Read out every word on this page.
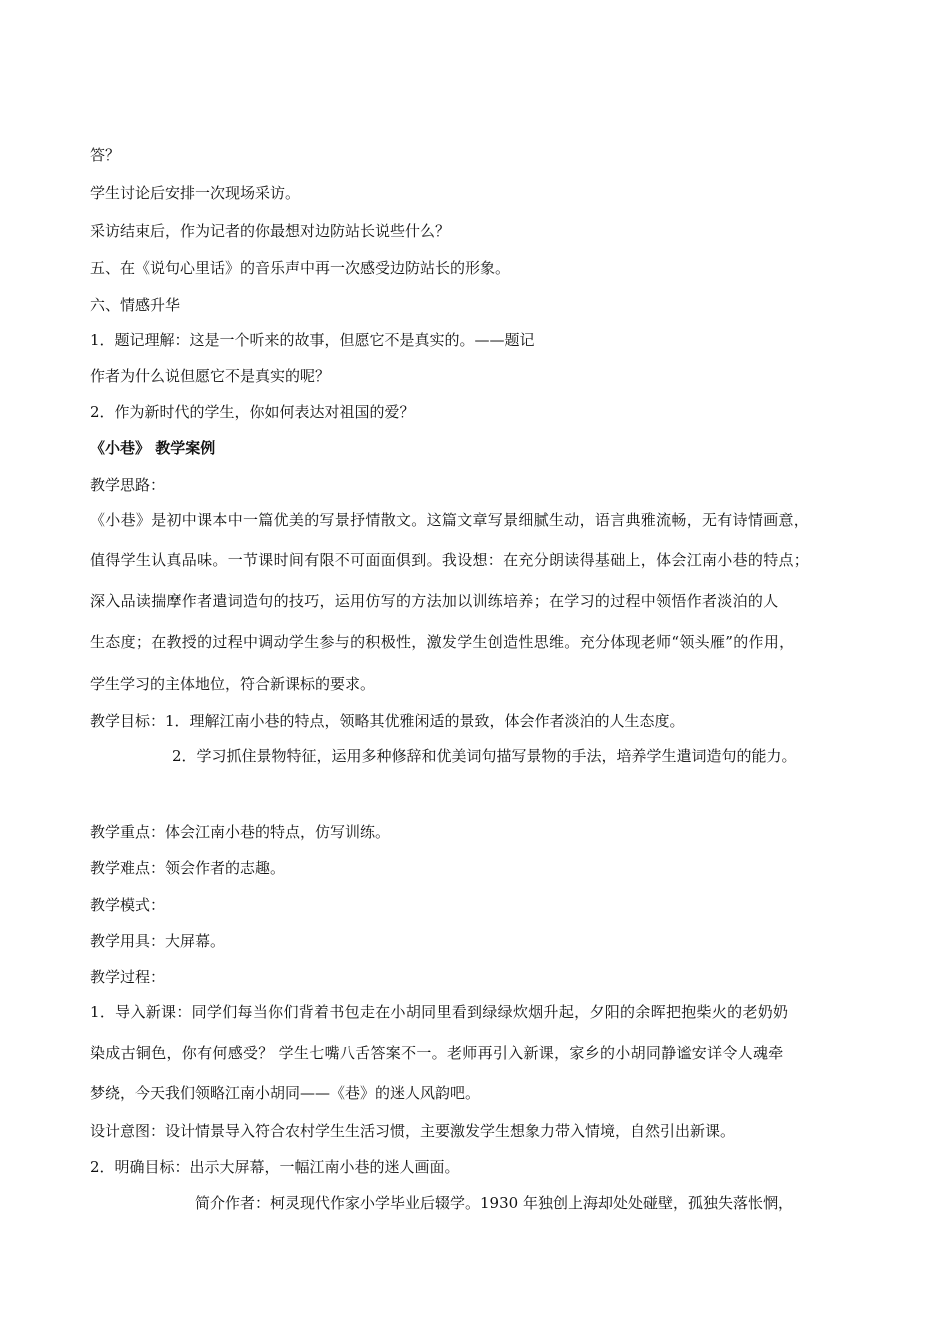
答？
学生讨论后安排一次现场采访。
采访结束后，作为记者的你最想对边防站长说些什么？
五、在《说句心里话》的音乐声中再一次感受边防站长的形象。
六、情感升华
1．题记理解：这是一个听来的故事，但愿它不是真实的。——题记
作者为什么说但愿它不是真实的呢？
2．作为新时代的学生，你如何表达对祖国的爱？
《小巷》 教学案例
教学思路：
《小巷》是初中课本中一篇优美的写景抒情散文。这篇文章写景细腻生动，语言典雅流畅，无有诗情画意，
值得学生认真品味。一节课时间有限不可面面俱到。我设想：在充分朗读得基础上，体会江南小巷的特点；
深入品读揣摩作者遣词造句的技巧，运用仿写的方法加以训练培养；在学习的过程中领悟作者淡泊的人
生态度；在教授的过程中调动学生参与的积极性，激发学生创造性思维。充分体现老师“领头雁”的作用，
学生学习的主体地位，符合新课标的要求。
教学目标：1．理解江南小巷的特点，领略其优雅闲适的景致，体会作者淡泊的人生态度。
2．学习抓住景物特征，运用多种修辞和优美词句描写景物的手法，培养学生遣词造句的能力。
教学重点：体会江南小巷的特点，仿写训练。
教学难点：领会作者的志趣。
教学模式：
教学用具：大屏幕。
教学过程：
1．导入新课：同学们每当你们背着书包走在小胡同里看到绿绿炊烟升起，夕阳的余晖把抱柴火的老奶奶
染成古铜色，你有何感受？ 学生七嘴八舌答案不一。老师再引入新课，家乡的小胡同静谧安详令人魂牵
梦绕，今天我们领略江南小胡同——《巷》的迷人风韵吧。
设计意图：设计情景导入符合农村学生生活习惯，主要激发学生想象力带入情境，自然引出新课。
2．明确目标：出示大屏幕，一幅江南小巷的迷人画面。
简介作者：柯灵现代作家小学毕业后辍学。1930 年独创上海却处处碰壁，孤独失落怅惘，
